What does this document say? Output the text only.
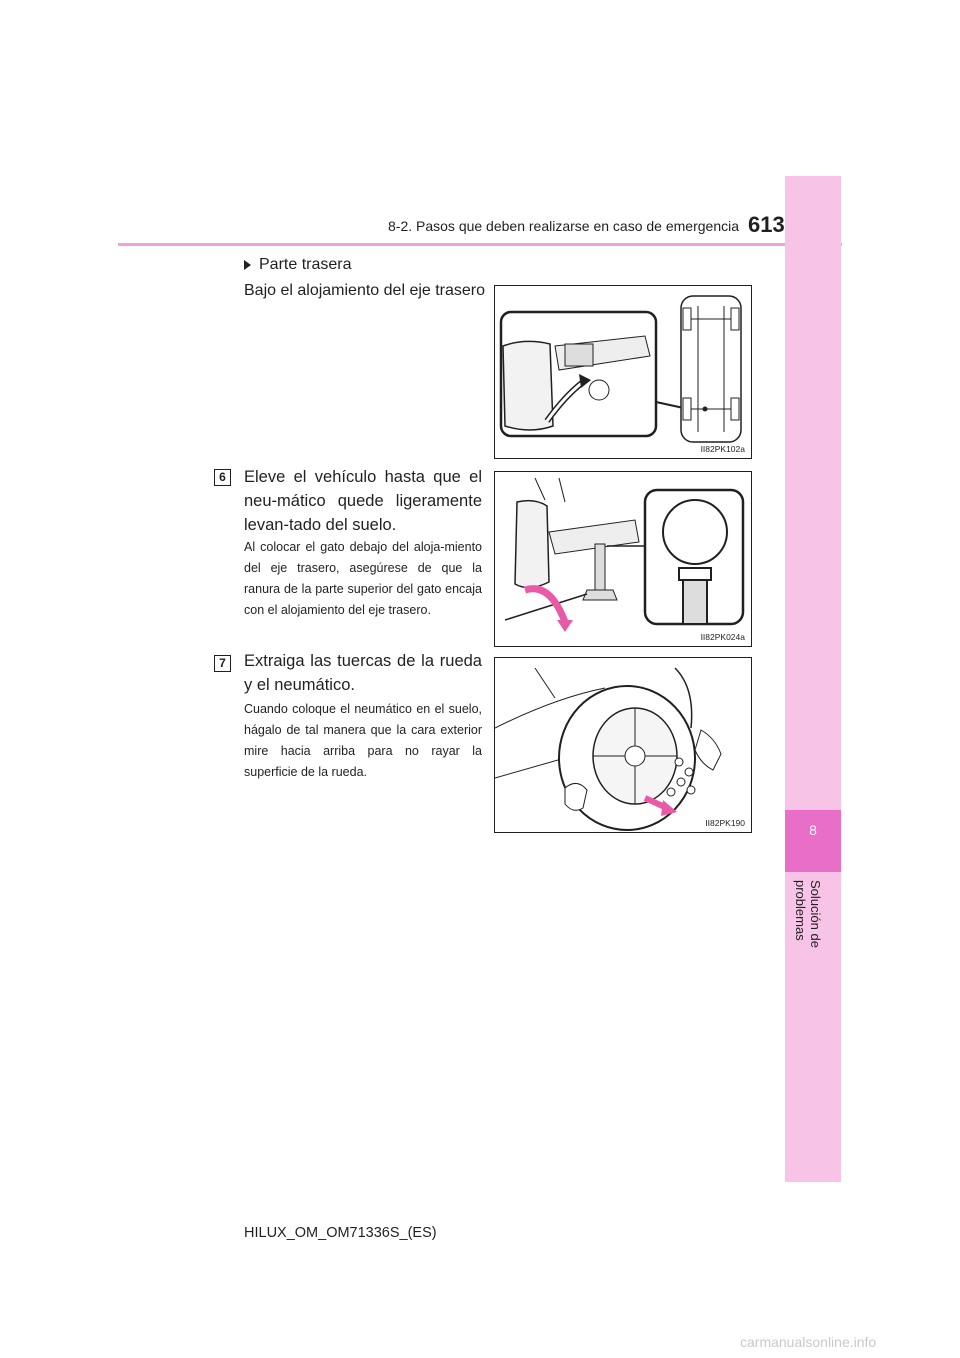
8-2. Pasos que deben realizarse en caso de emergencia 613
8
Solución de problemas
Parte trasera
Bajo el alojamiento del eje trasero
II82PK102a
6	Eleve el vehículo hasta que el neu-mático quede ligeramente levan-tado del suelo.
Al colocar el gato debajo del aloja-miento del eje trasero, asegúrese de que la ranura de la parte superior del gato encaja con el alojamiento del eje trasero.
II82PK024a
7	Extraiga las tuercas de la rueda y el neumático.
Cuando coloque el neumático en el suelo, hágalo de tal manera que la cara exterior mire hacia arriba para no rayar la superficie de la rueda.
II82PK190
HILUX_OM_OM71336S_(ES)
carmanualsonline.info
